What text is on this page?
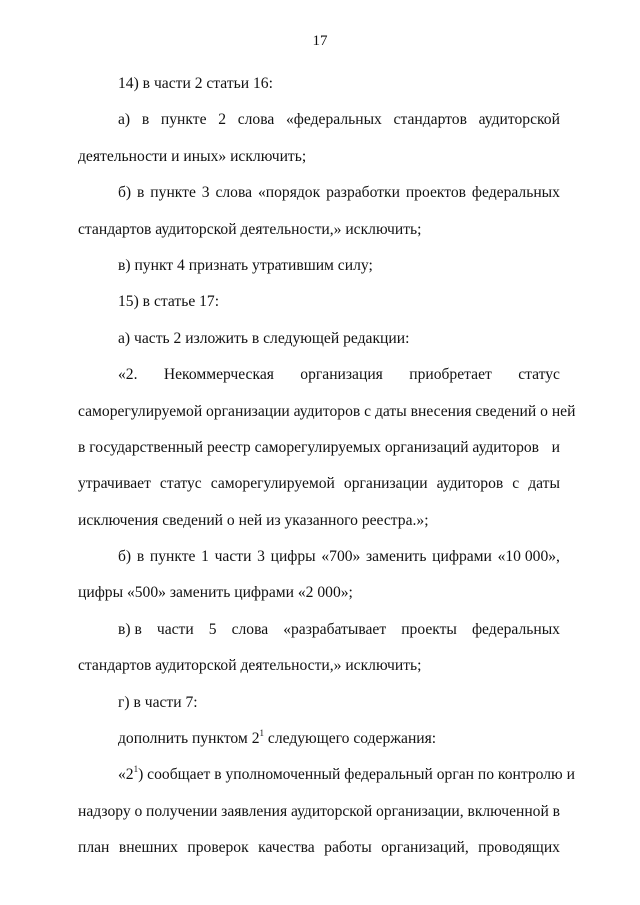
17
14) в части 2 статьи 16:
а) в пункте 2 слова «федеральных стандартов аудиторской
деятельности и иных» исключить;
б) в пункте 3 слова «порядок разработки проектов федеральных
стандартов аудиторской деятельности,» исключить;
в) пункт 4 признать утратившим силу;
15) в статье 17:
а) часть 2 изложить в следующей редакции:
«2. Некоммерческая организация приобретает статус
саморегулируемой организации аудиторов с даты внесения сведений о ней
в государственный реестр саморегулируемых организаций аудиторов и
утрачивает статус саморегулируемой организации аудиторов с даты
исключения сведений о ней из указанного реестра.»;
б) в пункте 1 части 3 цифры «700» заменить цифрами «10 000»,
цифры «500» заменить цифрами «2 000»;
в) в части 5 слова «разрабатывает проекты федеральных
стандартов аудиторской деятельности,» исключить;
г) в части 7:
дополнить пунктом $2^1$ следующего содержания:
«$2^1$) сообщает в уполномоченный федеральный орган по контролю и
надзору о получении заявления аудиторской организации, включенной в
план внешних проверок качества работы организаций, проводящих
